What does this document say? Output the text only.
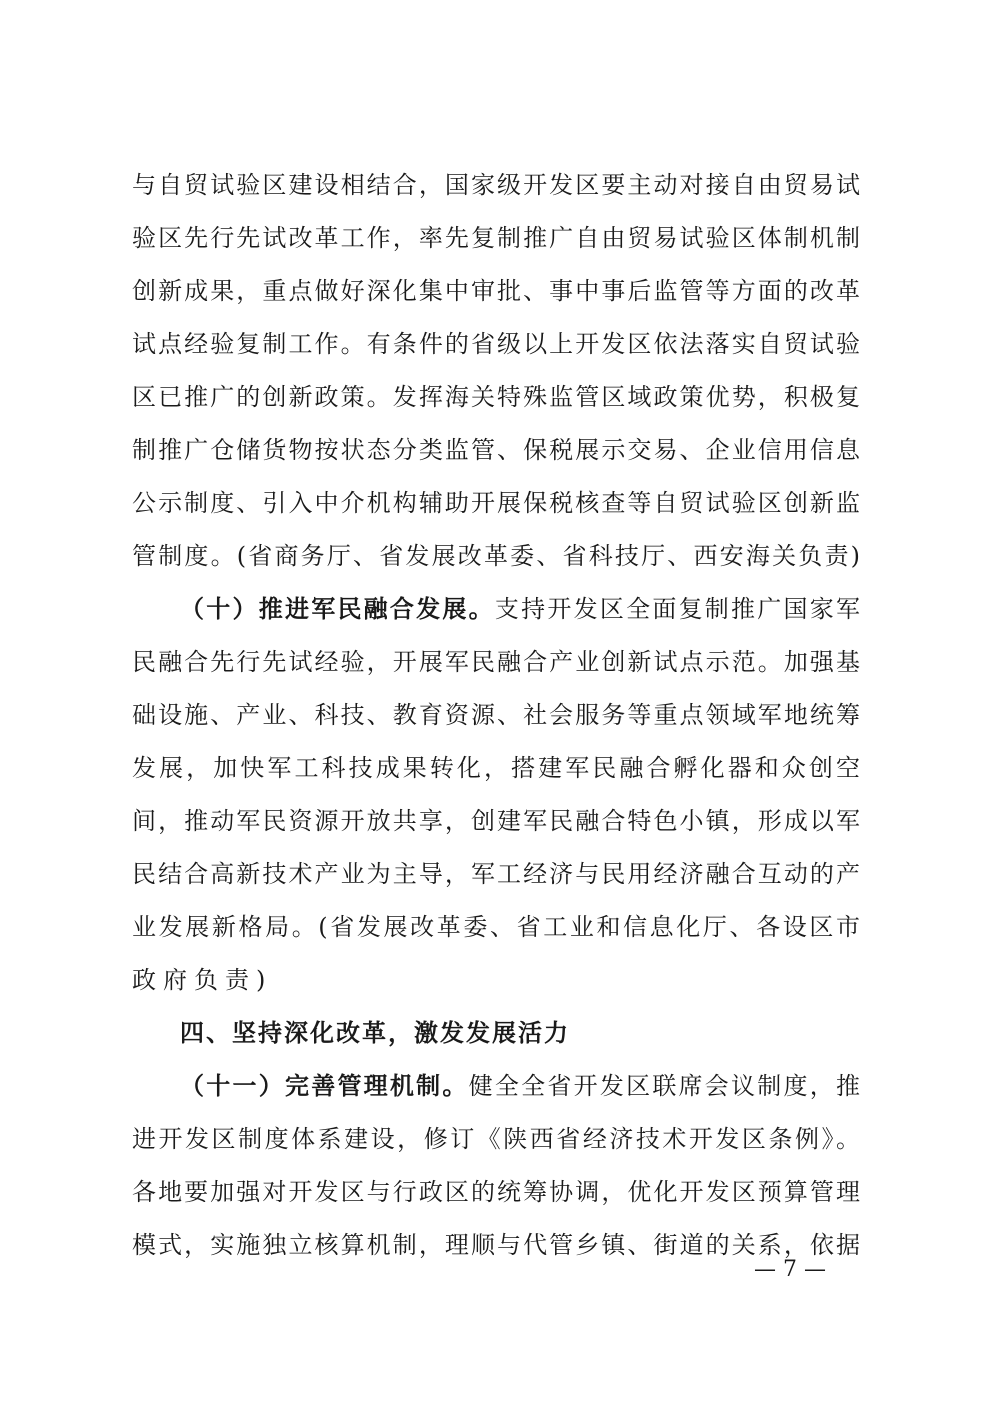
与自贸试验区建设相结合，国家级开发区要主动对接自由贸易试
验区先行先试改革工作，率先复制推广自由贸易试验区体制机制
创新成果，重点做好深化集中审批、事中事后监管等方面的改革
试点经验复制工作。有条件的省级以上开发区依法落实自贸试验
区已推广的创新政策。发挥海关特殊监管区域政策优势，积极复
制推广仓储货物按状态分类监管、保税展示交易、企业信用信息
公示制度、引入中介机构辅助开展保税核查等自贸试验区创新监
管制度。(省商务厅、省发展改革委、省科技厅、西安海关负责)
（十）推进军民融合发展。支持开发区全面复制推广国家军
民融合先行先试经验，开展军民融合产业创新试点示范。加强基
础设施、产业、科技、教育资源、社会服务等重点领域军地统筹
发展，加快军工科技成果转化，搭建军民融合孵化器和众创空
间，推动军民资源开放共享，创建军民融合特色小镇，形成以军
民结合高新技术产业为主导，军工经济与民用经济融合互动的产
业发展新格局。(省发展改革委、省工业和信息化厅、各设区市
政府负责)
四、坚持深化改革，激发发展活力
（十一）完善管理机制。健全全省开发区联席会议制度，推
进开发区制度体系建设，修订《陕西省经济技术开发区条例》。
各地要加强对开发区与行政区的统筹协调，优化开发区预算管理
模式，实施独立核算机制，理顺与代管乡镇、街道的关系，依据
— 7 —
